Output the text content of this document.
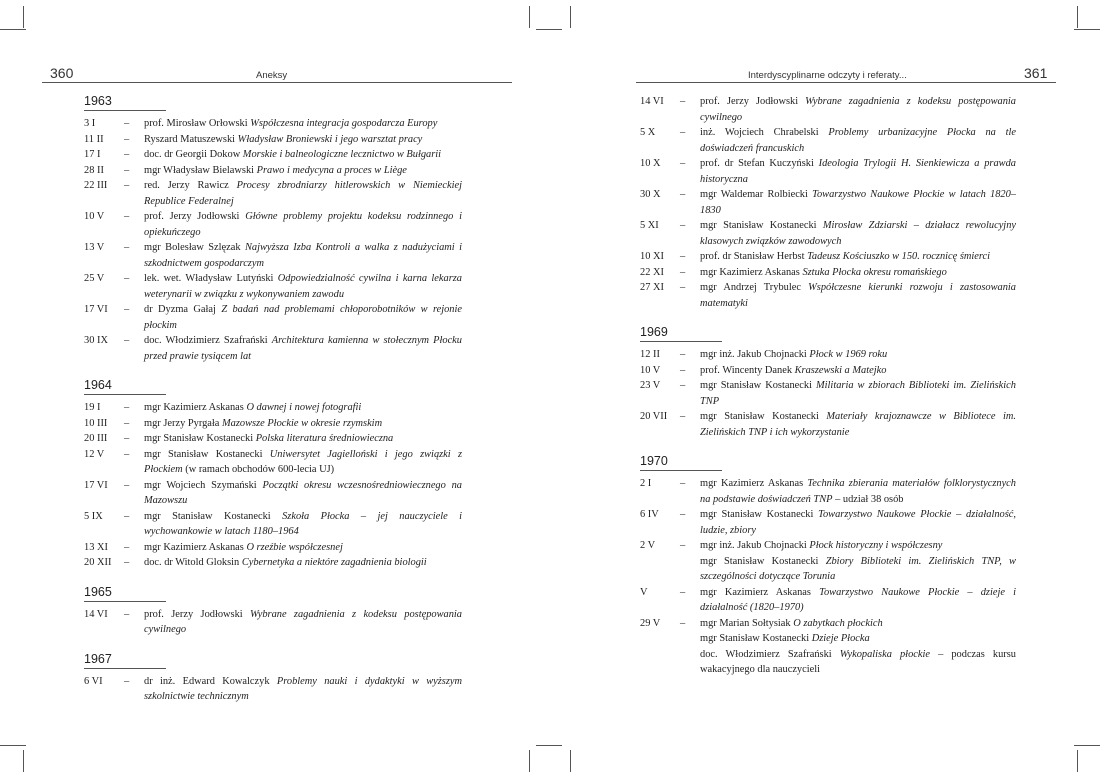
360	Aneksy
1963
3 I	–	prof. Mirosław Orłowski Współczesna integracja gospodarcza Europy
11 II	–	Ryszard Matuszewski Władysław Broniewski i jego warsztat pracy
17 I	–	doc. dr Georgii Dokow Morskie i balneologiczne lecznictwo w Bułgarii
28 II	–	mgr Władysław Bielawski Prawo i medycyna a proces w Liège
22 III	–	red. Jerzy Rawicz Procesy zbrodniarzy hitlerowskich w Niemieckiej Republice Federalnej
10 V	–	prof. Jerzy Jodłowski Główne problemy projektu kodeksu rodzinnego i opiekuńczego
13 V	–	mgr Bolesław Szlęzak Najwyższa Izba Kontroli a walka z nadużyciami i szkodnictwem gospodarczym
25 V	–	lek. wet. Władysław Lutyński Odpowiedzialność cywilna i karna lekarza weterynarii w związku z wykonywaniem zawodu
17 VI	–	dr Dyzma Gałaj Z badań nad problemami chłoporobotników w rejonie płockim
30 IX	–	doc. Włodzimierz Szafrański Architektura kamienna w stołecznym Płocku przed prawie tysiącem lat
1964
19 I	–	mgr Kazimierz Askanas O dawnej i nowej fotografii
10 III	–	mgr Jerzy Pyrgała Mazowsze Płockie w okresie rzymskim
20 III	–	mgr Stanisław Kostanecki Polska literatura średniowieczna
12 V	–	mgr Stanisław Kostanecki Uniwersytet Jagielloński i jego związki z Płockiem (w ramach obchodów 600-lecia UJ)
17 VI	–	mgr Wojciech Szymański Początki okresu wczesnośredniowiecznego na Mazowszu
5 IX	–	mgr Stanisław Kostanecki Szkoła Płocka – jej nauczyciele i wychowankowie w latach 1180–1964
13 XI	–	mgr Kazimierz Askanas O rzeźbie współczesnej
20 XII	–	doc. dr Witold Gloksin Cybernetyka a niektóre zagadnienia biologii
1965
14 VI	–	prof. Jerzy Jodłowski Wybrane zagadnienia z kodeksu postępowania cywilnego
1967
6 VI	–	dr inż. Edward Kowalczyk Problemy nauki i dydaktyki w wyższym szkolnictwie technicznym
Interdyscyplinarne odczyty i referaty...	361
14 VI	–	prof. Jerzy Jodłowski Wybrane zagadnienia z kodeksu postępowania cywilnego
5 X	–	inż. Wojciech Chrabelski Problemy urbanizacyjne Płocka na tle doświadczeń francuskich
10 X	–	prof. dr Stefan Kuczyński Ideologia Trylogii H. Sienkiewicza a prawda historyczna
30 X	–	mgr Waldemar Rolbiecki Towarzystwo Naukowe Płockie w latach 1820–1830
5 XI	–	mgr Stanisław Kostanecki Mirosław Zdziarski – działacz rewolucyjny klasowych związków zawodowych
10 XI	–	prof. dr Stanisław Herbst Tadeusz Kościuszko w 150. rocznicę śmierci
22 XI	–	mgr Kazimierz Askanas Sztuka Płocka okresu romańskiego
27 XI	–	mgr Andrzej Trybulec Współczesne kierunki rozwoju i zastosowania matematyki
1969
12 II	–	mgr inż. Jakub Chojnacki Płock w 1969 roku
10 V	–	prof. Wincenty Danek Kraszewski a Matejko
23 V	–	mgr Stanisław Kostanecki Militaria w zbiorach Biblioteki im. Zielińskich TNP
20 VII	–	mgr Stanisław Kostanecki Materiały krajoznawcze w Bibliotece im. Zielińskich TNP i ich wykorzystanie
1970
2 I	–	mgr Kazimierz Askanas Technika zbierania materiałów folklorystycznych na podstawie doświadczeń TNP – udział 38 osób
6 IV	–	mgr Stanisław Kostanecki Towarzystwo Naukowe Płockie – działalność, ludzie, zbiory
2 V	–	mgr inż. Jakub Chojnacki Płock historyczny i współczesny
mgr Stanisław Kostanecki Zbiory Biblioteki im. Zielińskich TNP, w szczególności dotyczące Torunia
V	–	mgr Kazimierz Askanas Towarzystwo Naukowe Płockie – dzieje i działalność (1820–1970)
29 V	–	mgr Marian Sołtysiak O zabytkach płockich
mgr Stanisław Kostanecki Dzieje Płocka
doc. Włodzimierz Szafrański Wykopaliska płockie – podczas kursu wakacyjnego dla nauczycieli
